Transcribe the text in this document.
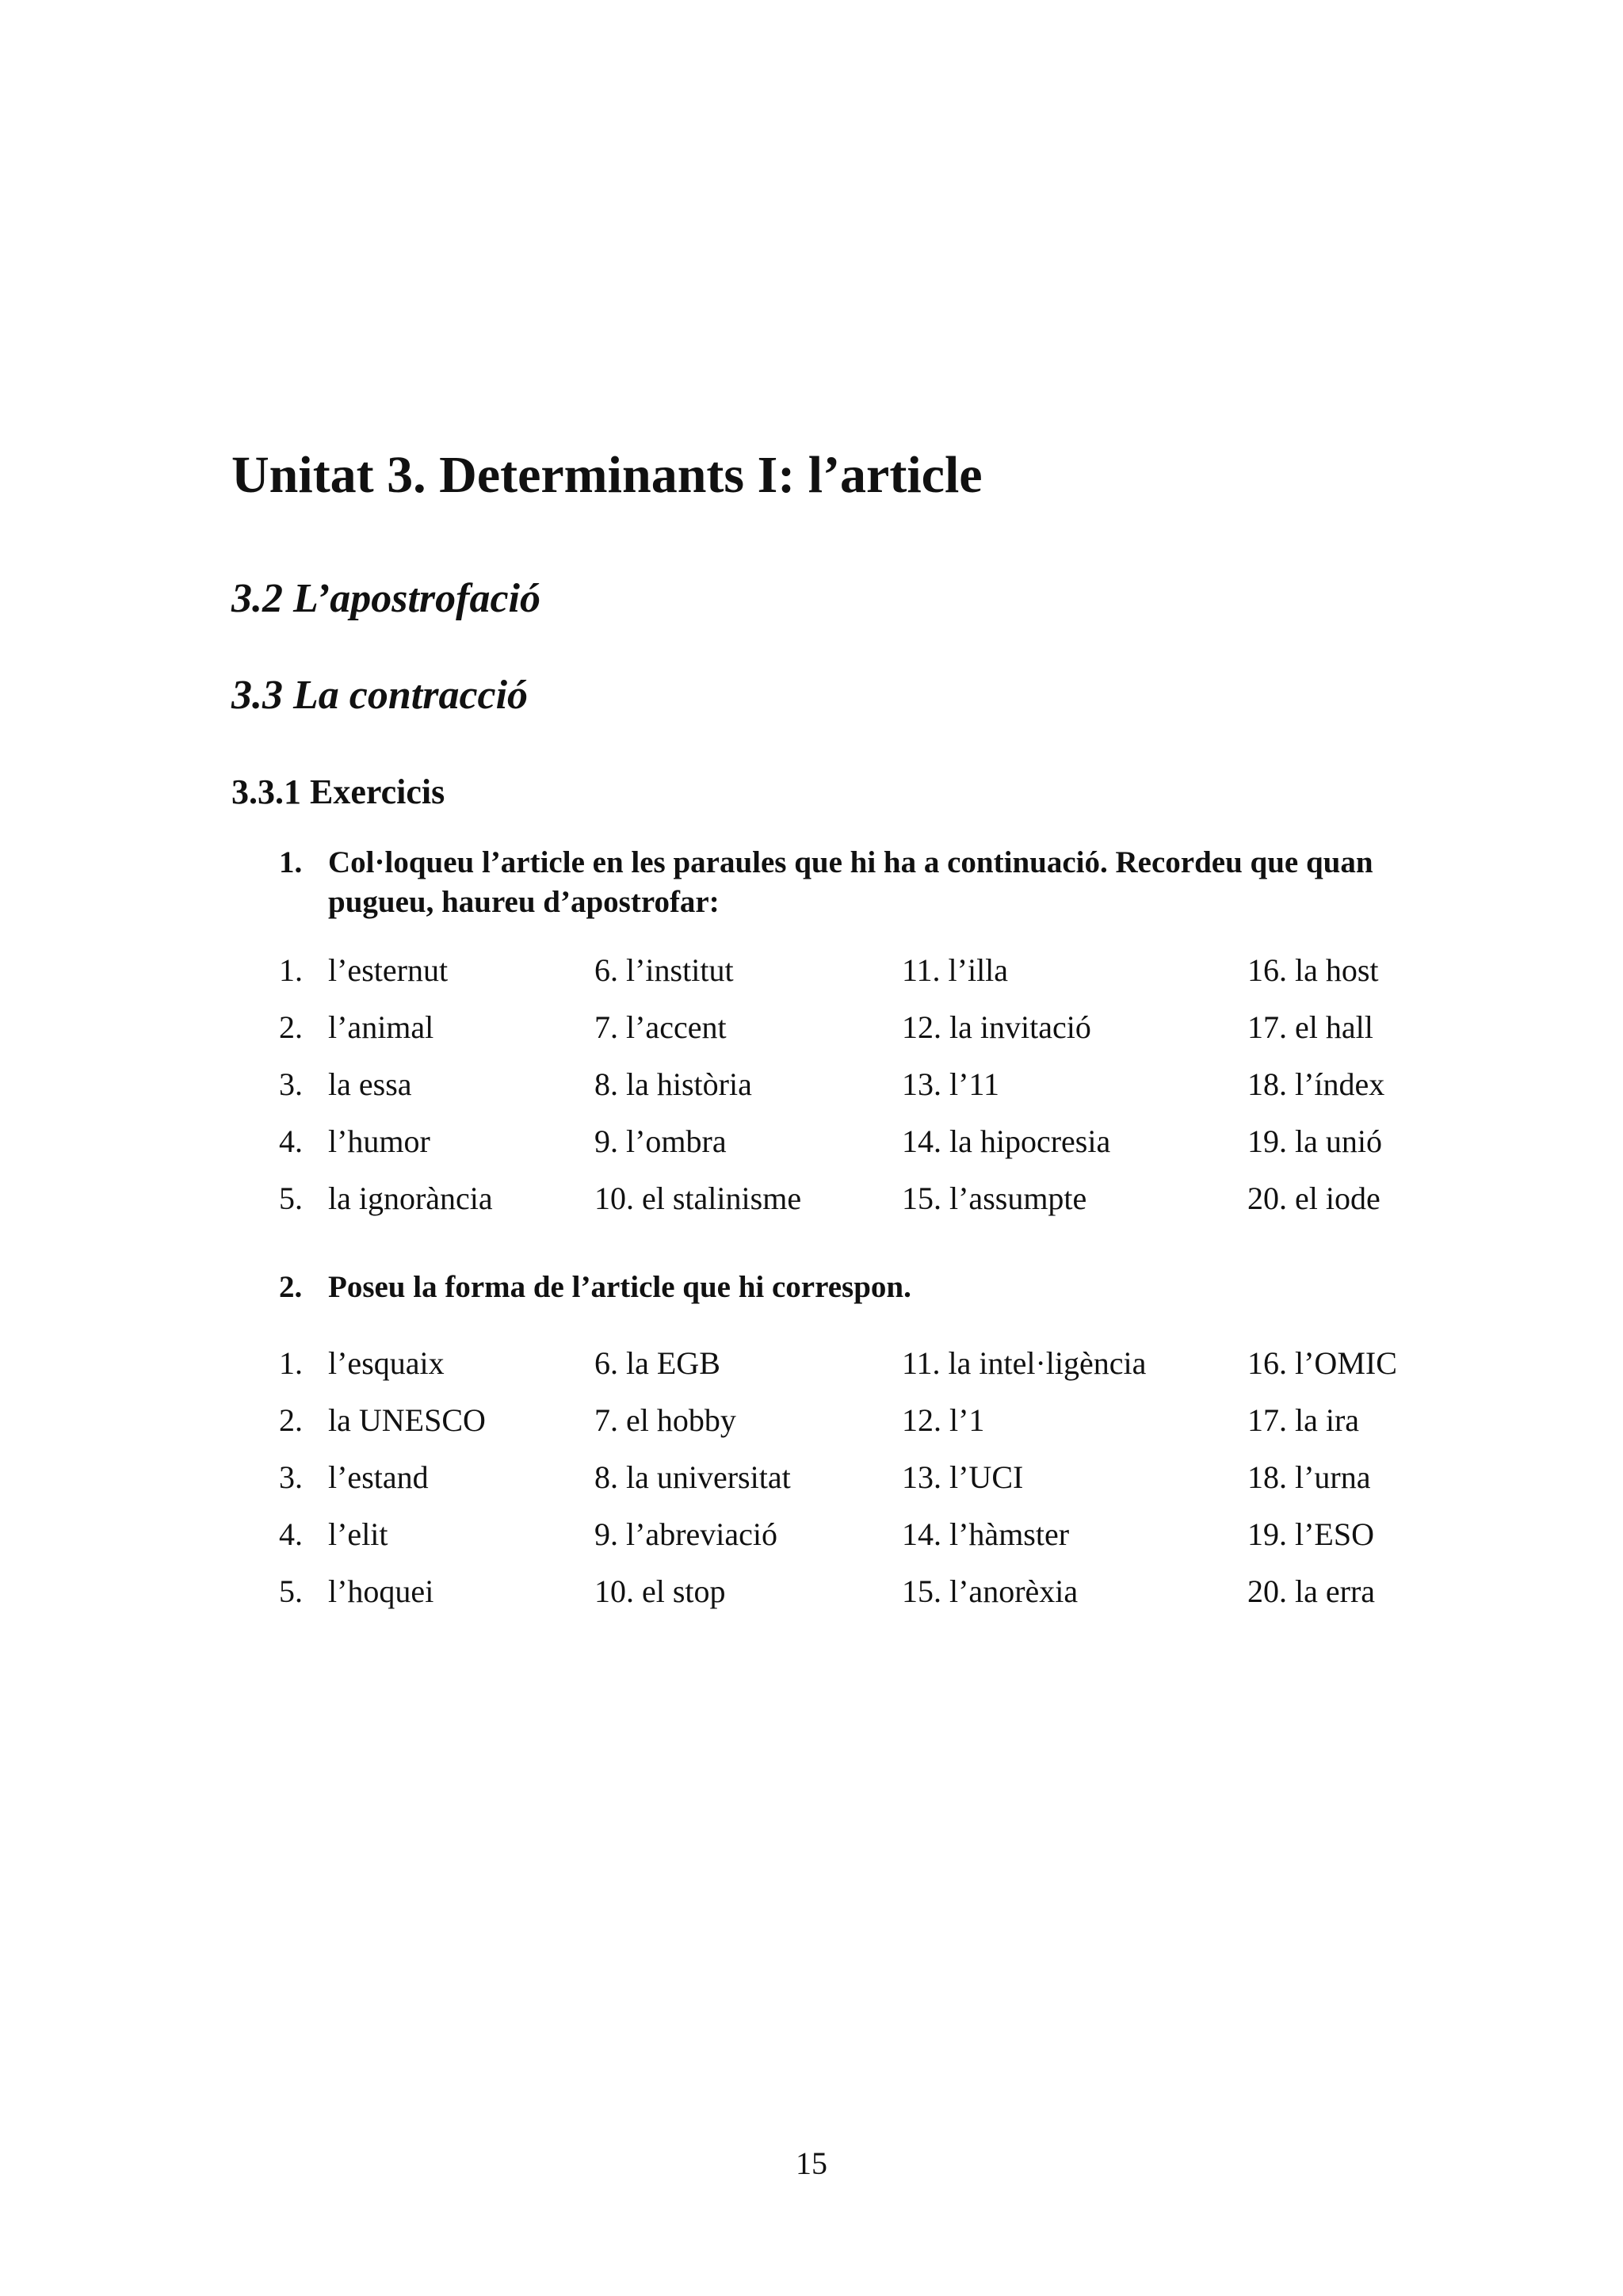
Unitat 3. Determinants I: l’article
3.2 L’apostrofació
3.3 La contracció
3.3.1 Exercicis
1. Col·loqueu l’article en les paraules que hi ha a continuació. Recordeu que quan pugueu, haureu d’apostrofar:
1. l’esternut	6. l’institut	11. l’illa	16. la host
2. l’animal	7. l’accent	12. la invitació	17. el hall
3. la essa	8. la història	13. l’11	18. l’índex
4. l’humor	9. l’ombra	14. la hipocresia	19. la unió
5. la ignorància	10. el stalinisme	15. l’assumpte	20. el iode
2. Poseu la forma de l’article que hi correspon.
1. l’esquaix	6. la EGB	11. la intel·ligència	16. l’OMIC
2. la UNESCO	7. el hobby	12. l’1	17. la ira
3. l’estand	8. la universitat	13. l’UCI	18. l’urna
4. l’elit	9. l’abreviació	14. l’hàmster	19. l’ESO
5. l’hoquei	10. el stop	15. l’anorèxia	20. la erra
15
